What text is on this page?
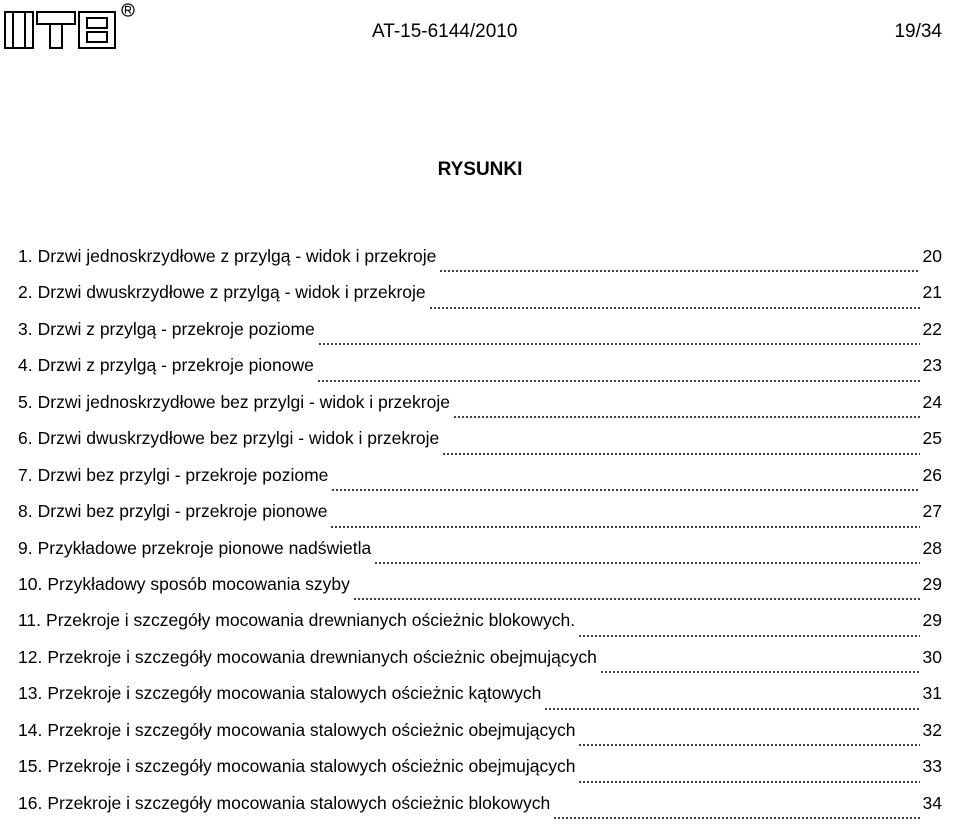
AT-15-6144/2010	19/34
RYSUNKI
1. Drzwi jednoskrzydłowe z przylgą - widok i przekroje	20
2. Drzwi dwuskrzydłowe z przylgą - widok i przekroje	21
3. Drzwi z przylgą - przekroje poziome	22
4. Drzwi z przylgą - przekroje pionowe	23
5. Drzwi jednoskrzydłowe bez przylgi - widok i przekroje	24
6. Drzwi dwuskrzydłowe bez przylgi - widok i przekroje	25
7. Drzwi bez przylgi - przekroje poziome	26
8. Drzwi bez przylgi - przekroje pionowe	27
9. Przykładowe przekroje pionowe nadświetla	28
10. Przykładowy sposób mocowania szyby	29
11. Przekroje i szczegóły mocowania drewnianych ościeżnic blokowych.	29
12. Przekroje i szczegóły mocowania drewnianych ościeżnic obejmujących	30
13. Przekroje i szczegóły mocowania stalowych ościeżnic kątowych	31
14. Przekroje i szczegóły mocowania stalowych ościeżnic obejmujących	32
15. Przekroje i szczegóły mocowania stalowych ościeżnic obejmujących	33
16. Przekroje i szczegóły mocowania stalowych ościeżnic blokowych	34
